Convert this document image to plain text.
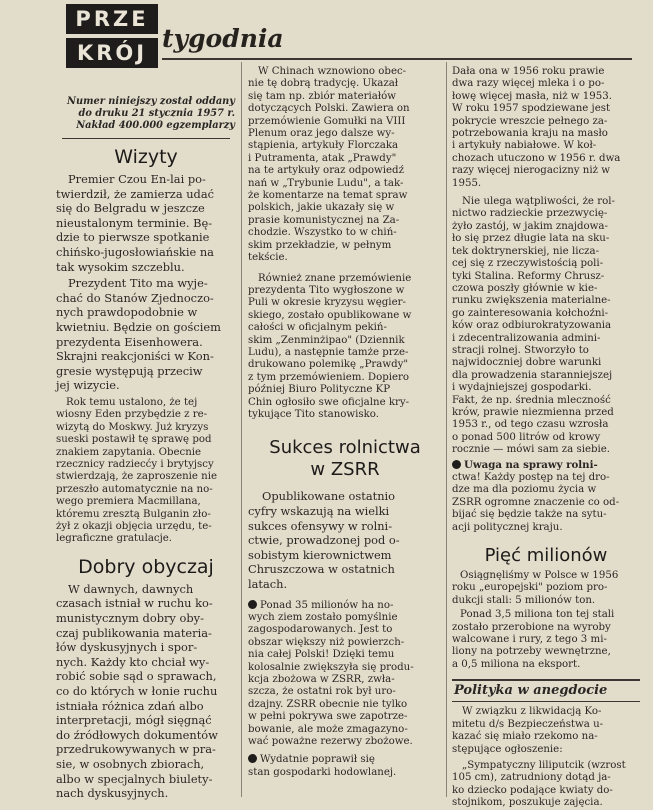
PRZE
KRÓJ tygodnia
Numer niniejszy został oddany
do druku 21 stycznia 1957 r.
Nakład 400.000 egzemplarzy
Wizyty
Premier Czou En-lai po-
twierdził, że zamierza udać
się do Belgradu w jeszcze
nieustalonym terminie. Bę-
dzie to pierwsze spotkanie
chińsko-jugosłowiańskie na
tak wysokim szczeblu.
Prezydent Tito ma wyje-
chać do Stanów Zjednoczo-
nych prawdopodobnie w
kwietniu. Będzie on gościem
prezydenta Eisenhowera.
Skrajni reakcjoniści w Kon-
gresie występują przeciw
jej wizycie.
Rok temu ustalono, że tej
wiosny Eden przybędzie z re-
wizytą do Moskwy. Już kryzys
sueski postawił tę sprawę pod
znakiem zapytania. Obecnie
rzecznicy radziecćy i brytyjscy
stwierdzają, że zaproszenie nie
przeszło automatycznie na no-
wego premiera Macmillana,
któremu zresztą Bulganin zło-
żył z okazji objęcia urzędu, te-
legraficzne gratulacje.
Dobry obyczaj
W dawnych, dawnych
czasach istniał w ruchu ko-
munistycznym dobry oby-
czaj publikowania materia-
łów dyskusyjnych i spor-
nych. Każdy kto chciał wy-
robić sobie sąd o sprawach,
co do których w łonie ruchu
istniała różnica zdań albo
interpretacji, mógł sięgnąć
do źródłowych dokumentów
przedrukowywanych w pra-
sie, w osobnych zbiorach,
albo w specjalnych biulety-
nach dyskusyjnych.
W Chinach wznowiono obec-
nie tę dobrą tradycję. Ukazał
się tam np. zbiór materiałów
dotyczących Polski. Zawiera on
przemówienie Gomułki na VIII
Plenum oraz jego dalsze wy-
stąpienia, artykuły Florczaka
i Putramenta, atak „Prawdy"
na te artykuły oraz odpowiedź
nań w „Trybunie Ludu", a tak-
że komentarze na temat spraw
polskich, jakie ukazały się w
prasie komunistycznej na Za-
chodzie. Wszystko to w chiń-
skim przekładzie, w pełnym
tekście.
Również znane przemówienie
prezydenta Tito wygłoszone w
Puli w okresie kryzysu węgier-
skiego, zostało opublikowane w
całości w oficjalnym pekiń-
skim „Zenminżipao" (Dziennik
Ludu), a następnie tamże prze-
drukowano polemikę „Prawdy"
z tym przemówieniem. Dopiero
później Biuro Polityczne KP
Chin ogłosiło swe oficjalne kry-
tykujące Tito stanowisko.
Sukces rolnictwa
w ZSRR
Opublikowane ostatnio
cyfry wskazują na wielki
sukces ofensywy w rolni-
ctwie, prowadzonej pod o-
sobistym kierownictwem
Chruszczowa w ostatnich
latach.
Ponad 35 milionów ha no-
wych ziem zostało pomyślnie
zagospodarowanych. Jest to
obszar większy niż powierzch-
nia całej Polski! Dzięki temu
kolosalnie zwiększyła się produ-
kcja zbożowa w ZSRR, zwła-
szcza, że ostatni rok był uro-
dzajny. ZSRR obecnie nie tylko
w pełni pokrywa swe zapotrze-
bowanie, ale może zmagazyno-
wać poważne rezerwy zbożowe.
Wydatnie poprawił się
stan gospodarki hodowlanej.
Dała ona w 1956 roku prawie
dwa razy więcej mleka i o po-
łowę więcej masła, niż w 1953.
W roku 1957 spodziewane jest
pokrycie wreszcie pełnego za-
potrzebowania kraju na masło
i artykuły nabiałowe. W koł-
chozach utuczono w 1956 r. dwa
razy więcej nierogacizny niż w
1955.
Nie ulega wątpliwości, że rol-
nictwo radzieckie przezwycię-
żyło zastój, w jakim znajdowa-
ło się przez długie lata na sku-
tek doktrynerskiej, nie licza-
cej się z rzeczywistością poli-
tyki Stalina. Reformy Chrusz-
czowa poszły głównie w kie-
runku zwiększenia materialne-
go zainteresowania kołchoźni-
ków oraz odbiurokratyzowania
i zdecentralizowania admini-
stracji rolnej. Stworzyło to
najwidoczniej dobre warunki
dla prowadzenia staranniejszej
i wydajniejszej gospodarki.
Fakt, że np. średnia mleczność
krów, prawie niezmienna przed
1953 r., od tego czasu wzrosła
o ponad 500 litrów od krowy
rocznie — mówi sam za siebie.
Uwaga na sprawy rolni-
ctwa! Każdy postęp na tej dro-
dze ma dla poziomu życia w
ZSRR ogromne znaczenie co od-
bijać się będzie także na sytu-
acji politycznej kraju.
Pięć milionów
Osiągnęliśmy w Polsce w 1956
roku „europejski" poziom pro-
dukcji stali: 5 milionów ton.
Ponad 3,5 miliona ton tej stali
zostało przerobione na wyroby
walcowane i rury, z tego 3 mi-
liony na potrzeby wewnętrzne,
a 0,5 miliona na eksport.
Polityka w anegdocie
W związku z likwidacją Ko-
mitetu d/s Bezpieczeństwa u-
kazać się miało rzekomo na-
stępujące ogłoszenie:
„Sympatyczny liliputcik (wzrost
105 cm), zatrudniony dotąd ja-
ko dziecko podające kwiaty do-
stojnikom, poszukuje zajęcia.
